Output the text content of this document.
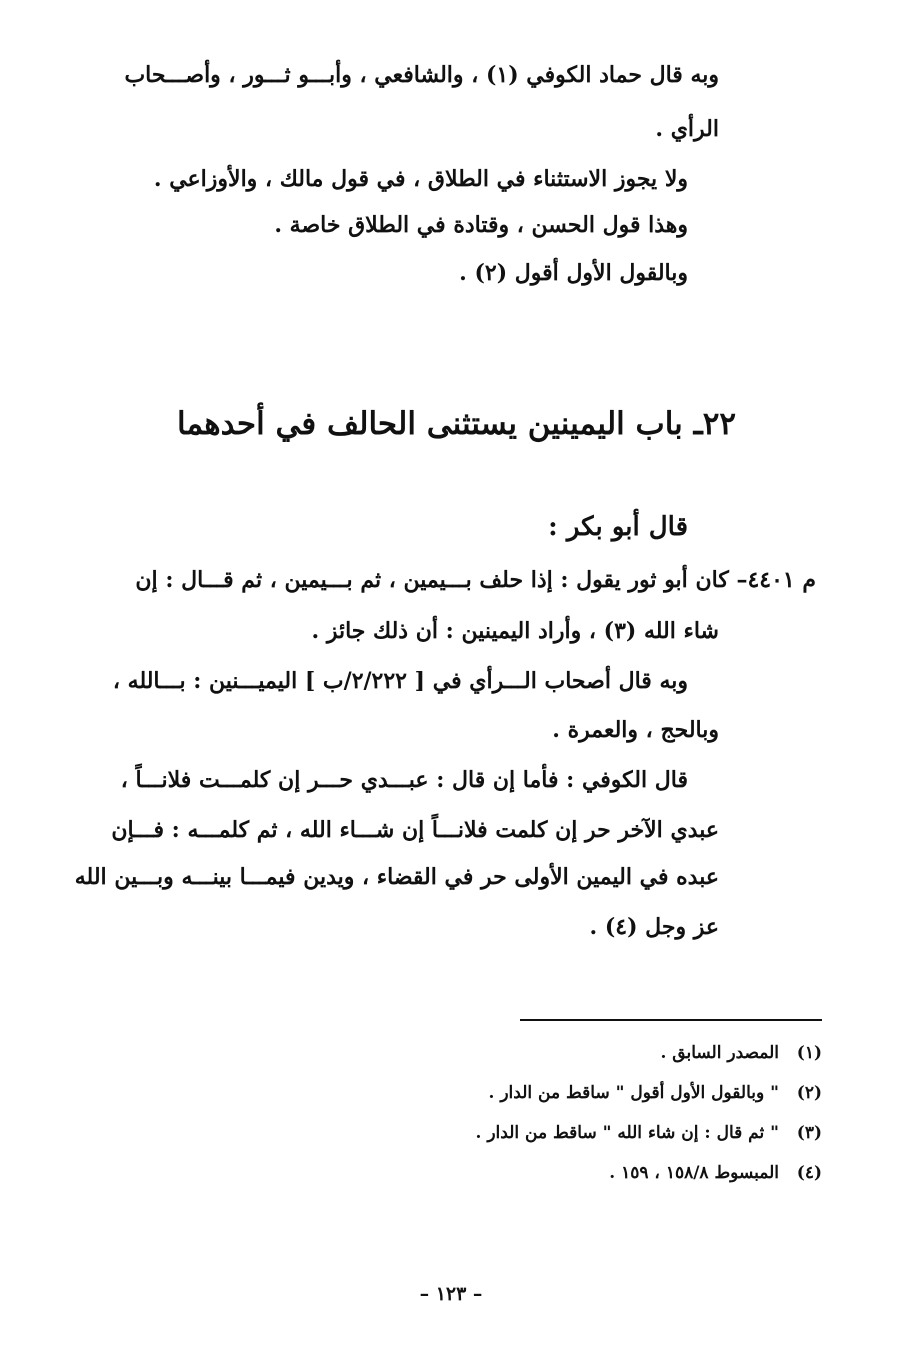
وبه قال حماد الكوفي (١) ، والشافعي ، وأبـــو ثـــور ، وأصـــحاب
الرأي .
ولا يجوز الاستثناء في الطلاق ، في قول مالك ، والأوزاعي .
وهذا قول الحسن ، وقتادة في الطلاق خاصة .
وبالقول الأول أقول (٢) .
٢٢ـ باب اليمينين يستثنى الحالف في أحدهما
قال أبو بكر :
م ٤٤٠١– كان أبو ثور يقول : إذا حلف بـــيمين ، ثم بـــيمين ، ثم قـــال : إن
شاء الله (٣) ، وأراد اليمينين : أن ذلك جائز .
وبه قال أصحاب الـــرأي في [ ٢/٢٢٢/ب ] اليميـــنين : بـــالله ،
وبالحج ، والعمرة .
قال الكوفي : فأما إن قال : عبـــدي حـــر إن كلمـــت فلانـــاً ،
عبدي الآخر حر إن كلمت فلانـــاً إن شـــاء الله ، ثم كلمـــه : فـــإن
عبده في اليمين الأولى حر في القضاء ، ويدين فيمـــا بينـــه وبـــين الله
عز وجل (٤) .
(١)   المصدر السابق .
(٢)   " وبالقول الأول أقول " ساقط من الدار .
(٣)   " ثم قال : إن شاء الله " ساقط من الدار .
(٤)   المبسوط ١٥٨/٨ ، ١٥٩ .
– ١٢٣ –
